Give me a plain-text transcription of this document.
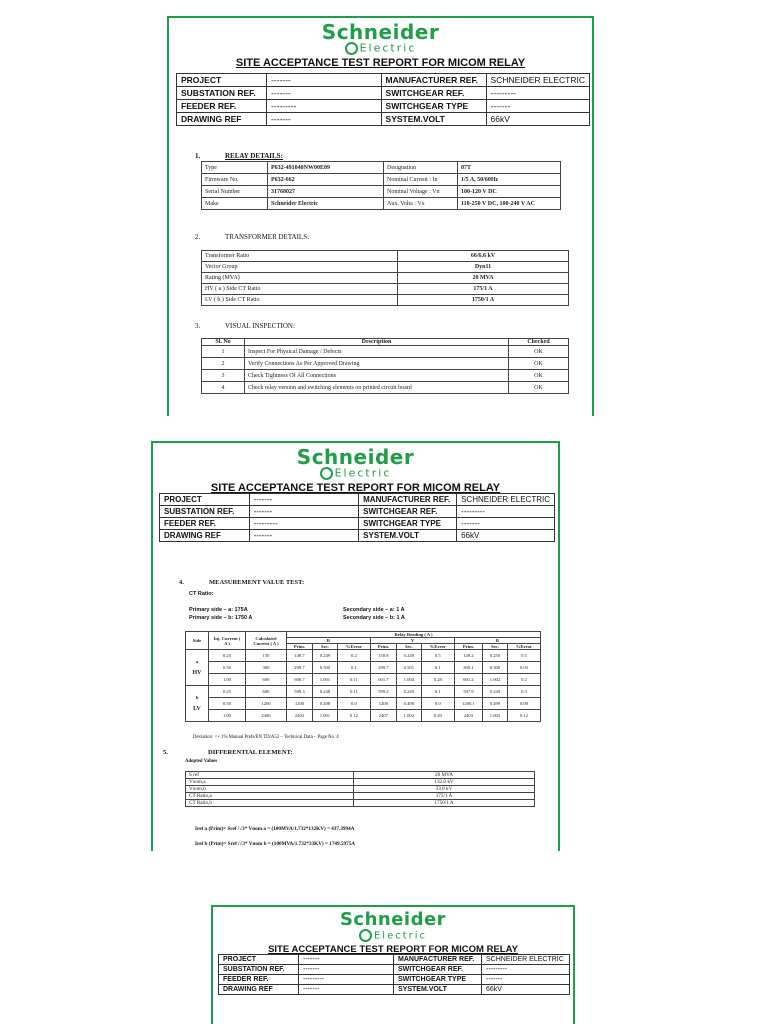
Schneider
Electric
SITE ACCEPTANCE TEST REPORT FOR MICOM RELAY
PROJECT	-------	MANUFACTURER REF.	SCHNEIDER ELECTRIC
SUBSTATION REF.	-------	SWITCHGEAR REF.	---------
FEEDER REF.	---------	SWITCHGEAR TYPE	-------
DRAWING REF	-------	SYSTEM.VOLT	66kV
1.	RELAY DETAILS:
Type	P632-491040NW00E09	Designation	87T
Firmware No.	P632-662	Nominal Current : In	1/5 A, 50/60Hz
Serial Number	31768027	Nominal Voltage : Vn	100-120 V DC
Make	Schneider Electric	Aux. Volta : Vx	110-250 V DC, 100-240 V AC
2.	TRANSFORMER DETAILS:
Transformer Ratio	66/6.6 kV
Vector Group	Dyn11
Rating (MVA)	20 MVA
HV ( a ) Side CT Ratio	175/1 A
LV ( b ) Side CT Ratio	1750/1 A
3.	VISUAL INSPECTION:
Sl. No	Description	Checked
1	Inspect For Physical Damage / Defects	OK
2	Verify Connections As Per Approved Drawing	OK
3	Check Tightness Of All Connections	OK
4	Check relay version and switching elements on printed circuit board	OK
Schneider
Electric
SITE ACCEPTANCE TEST REPORT FOR MICOM RELAY
PROJECT	-------	MANUFACTURER REF.	SCHNEIDER ELECTRIC
SUBSTATION REF.	-------	SWITCHGEAR REF.	---------
FEEDER REF.	---------	SWITCHGEAR TYPE	-------
DRAWING REF	-------	SYSTEM.VOLT	66kV
4.	MEASUREMENT VALUE TEST:
CT Ratio:
Primary side – a: 175A
Primary side – b: 1750 A
Secondary side – a: 1 A
Secondary side – b: 1 A
Side	Inj. Current ( A )	Calculated Current ( A )	Relay Reading ( A )								
			R			Y			B		
			Prim.	Sec.	%Error	Prim.	Sec.	%Error	Prim.	Sec.	%Error

a
HV	0.25	150	149.7	0.249	0.2	150.8	0.249	0.5	149.2	0.250	0.5
	0.50	300	299.7	0.500	0.1	299.7	0.501	0.1	300.1	0.500	0.03
	1.00	600	600.7	1.001	0.11	601.7	1.004	0.28	601.2	1.002	0.2

b
LV	0.25	600	599.3	0.248	0.11	599.2	0.249	0.1	597.9	0.249	0.3
	0.50	1200	1200	0.498	0.0	1200	0.498	0.0	1200.1	0.499	0.08
	1.00	2400	2403	1.001	0.12	2407	1.002	0.29	2403	1.003	0.12
Deviation: <+ 1% Manual Prefs/EN TD/A52 – Technical Data – Page No. 4
5.	DIFFERENTIAL ELEMENT:
Adopted Values
S ref	20 MVA
Vnom,a	132.0 kV
Vnom,b	33.0 kV
CT Ratio,a	175/1 A
CT Ratio,b	1750/1 A
Iref a (Prim)= Sref /√3* Vnom a = (100MVA/1.732*132KV) = 437.3994A
Iref b (Prim)= Sref /√3* Vnom b = (100MVA/1.732*33KV) = 1749.5975A
Schneider
Electric
SITE ACCEPTANCE TEST REPORT FOR MICOM RELAY
PROJECT	-------	MANUFACTURER REF.	SCHNEIDER ELECTRIC
SUBSTATION REF.	-------	SWITCHGEAR REF.	---------
FEEDER REF.	---------	SWITCHGEAR TYPE	-------
DRAWING REF	-------	SYSTEM.VOLT	66kV
